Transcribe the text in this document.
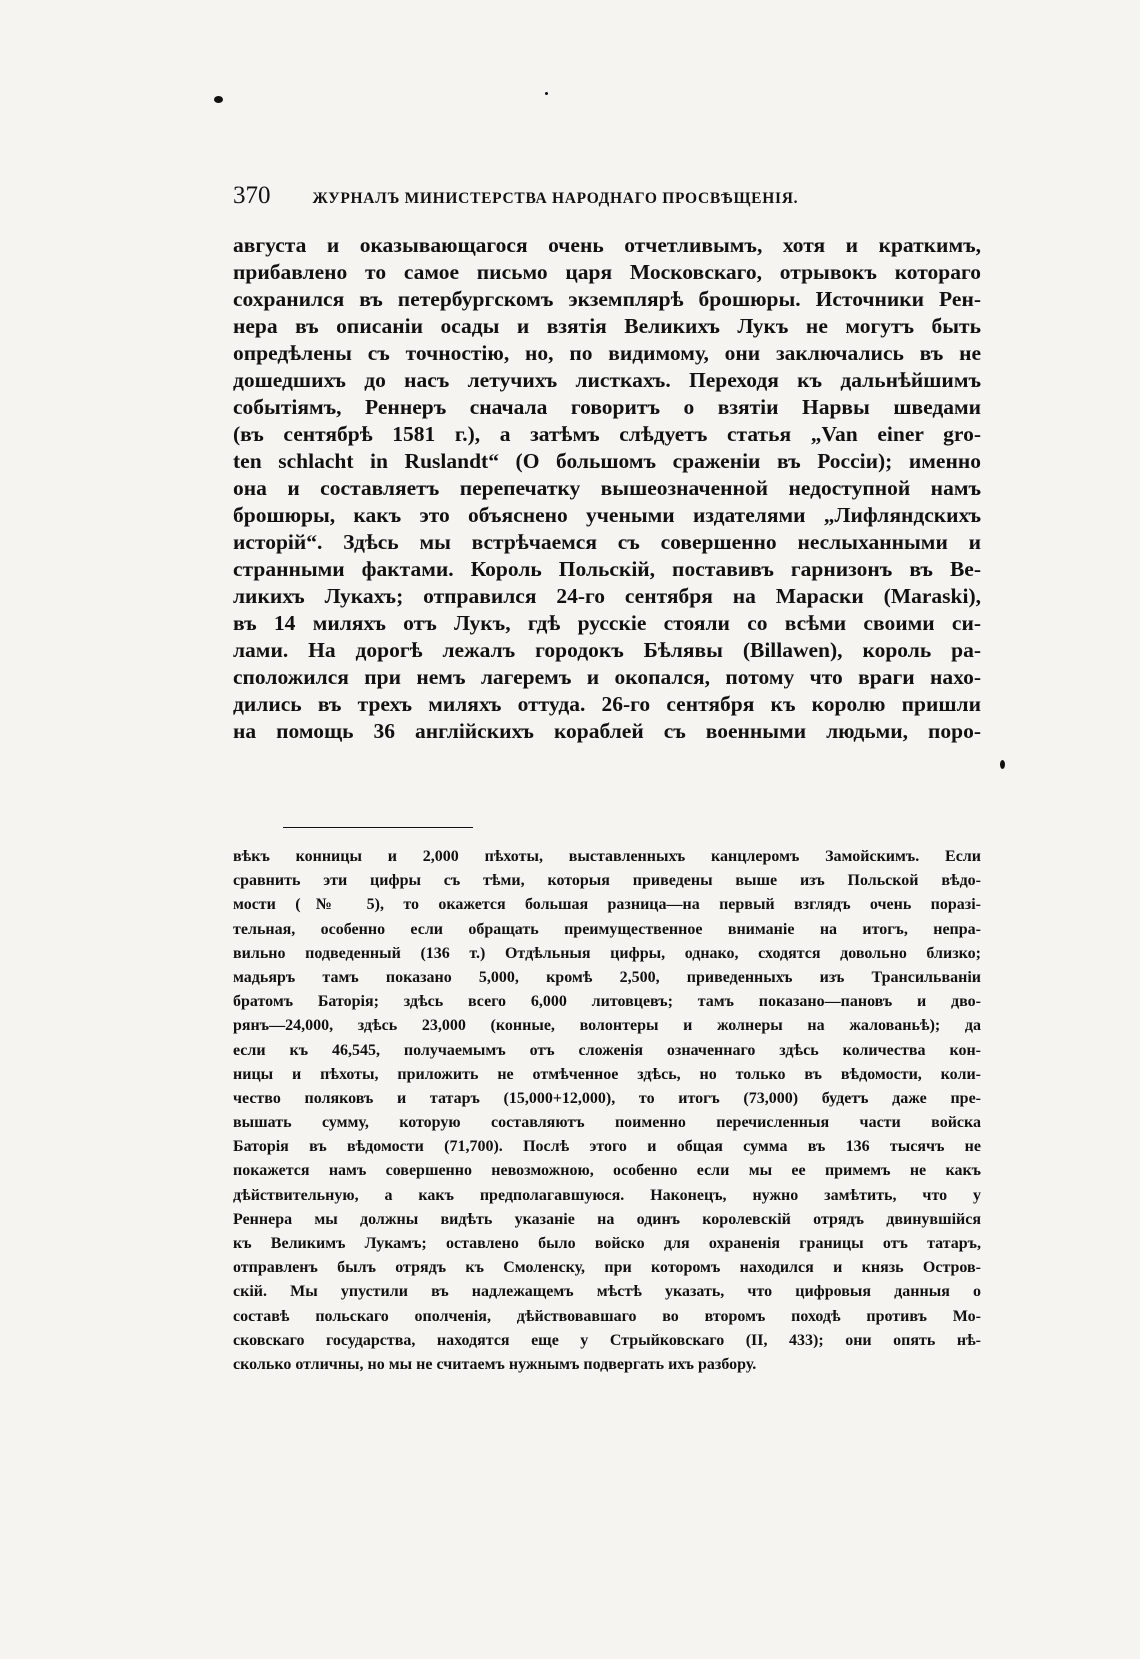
370	ЖУРНАЛЪ МИНИСТЕРСТВА НАРОДНАГО ПРОСВѢЩЕНІЯ.
августа и оказывающагося очень отчетливымъ, хотя и краткимъ,
прибавлено то самое письмо царя Московскаго, отрывокъ котораго
сохранился въ петербургскомъ экземплярѣ брошюры. Источники Рен-
нера въ описаніи осады и взятія Великихъ Лукъ не могутъ быть
опредѣлены съ точностію, но, по видимому, они заключались въ не
дошедшихъ до насъ летучихъ листкахъ. Переходя къ дальнѣйшимъ
событіямъ, Реннеръ сначала говоритъ о взятіи Нарвы шведами
(въ сентябрѣ 1581 г.), а затѣмъ слѣдуетъ статья „Van einer gro-
ten schlacht in Ruslandt“ (О большомъ сраженіи въ Россіи); именно
она и составляетъ перепечатку вышеозначенной недоступной намъ
брошюры, какъ это объяснено учеными издателями „Лифляндскихъ
исторій“. Здѣсь мы встрѣчаемся съ совершенно неслыханными и
странными фактами. Король Польскій, поставивъ гарнизонъ въ Ве-
ликихъ Лукахъ; отправился 24-го сентября на Мараски (Maraski),
въ 14 миляхъ отъ Лукъ, гдѣ русскіе стояли со всѣми своими си-
лами. На дорогѣ лежалъ городокъ Бѣлявы (Billawen), король ра-
сположился при немъ лагеремъ и окопался, потому что враги нахо-
дились въ трехъ миляхъ оттуда. 26-го сентября къ королю пришли
на помощь 36 англійскихъ кораблей съ военными людьми, поро-
вѣкъ конницы и 2,000 пѣхоты, выставленныхъ канцлеромъ Замойскимъ. Если
сравнить эти цифры съ тѣми, которыя приведены выше изъ Польской вѣдо-
мости (№ 5), то окажется большая разница—на первый взглядъ очень поразі-
тельная, особенно если обращать преимущественное вниманіе на итогъ, непра-
вильно подведенный (136 т.) Отдѣльныя цифры, однако, сходятся довольно близко;
мадьяръ тамъ показано 5,000, кромѣ 2,500, приведенныхъ изъ Трансильваніи
братомъ Баторія; здѣсь всего 6,000 литовцевъ; тамъ показано—пановъ и дво-
рянъ—24,000, здѣсь 23,000 (конные, волонтеры и жолнеры на жалованьѣ); да
если къ 46,545, получаемымъ отъ сложенія означеннаго здѣсь количества кон-
ницы и пѣхоты, приложить не отмѣченное здѣсь, но только въ вѣдомости, коли-
чество поляковъ и татаръ (15,000+12,000), то итогъ (73,000) будетъ даже пре-
вышать сумму, которую составляютъ поименно перечисленныя части войска
Баторія въ вѣдомости (71,700). Послѣ этого и общая сумма въ 136 тысячъ не
покажется намъ совершенно невозможною, особенно если мы ее примемъ не какъ
дѣйствительную, а какъ предполагавшуюся. Наконецъ, нужно замѣтить, что у
Реннера мы должны видѣть указаніе на одинъ королевскій отрядъ двинувшійся
къ Великимъ Лукамъ; оставлено было войско для охраненія границы отъ татаръ,
отправленъ былъ отрядъ къ Смоленску, при которомъ находился и князь Остров-
скій. Мы упустили въ надлежащемъ мѣстѣ указать, что цифровыя данныя о
составѣ польскаго ополченія, дѣйствовавшаго во второмъ походѣ противъ Мо-
сковскаго государства, находятся еще у Стрыйковскаго (II, 433); они опять нѣ-
сколько отличны, но мы не считаемъ нужнымъ подвергать ихъ разбору.
